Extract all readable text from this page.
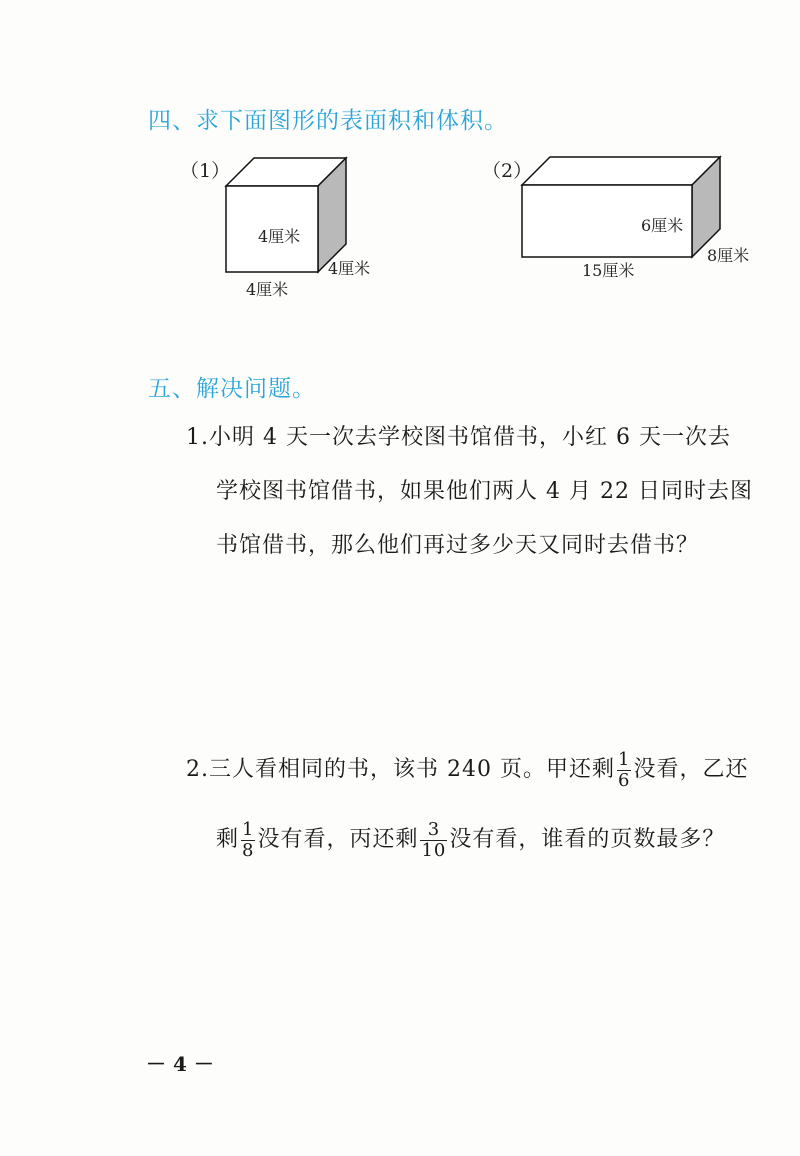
四、求下面图形的表面积和体积。
（1）
4厘米
4厘米
4厘米
（2）
6厘米
8厘米
15厘米
五、解决问题。

1.小明 4 天一次去学校图书馆借书，小红 6 天一次去

学校图书馆借书，如果他们两人 4 月 22 日同时去图

书馆借书，那么他们再过多少天又同时去借书？

2.三人看相同的书，该书 240 页。甲还剩 $\frac{1}{6}$ 没看，乙还

剩 $\frac{1}{8}$ 没有看，丙还剩 $\frac{3}{10}$ 没有看，谁看的页数最多？

－ 4 －
